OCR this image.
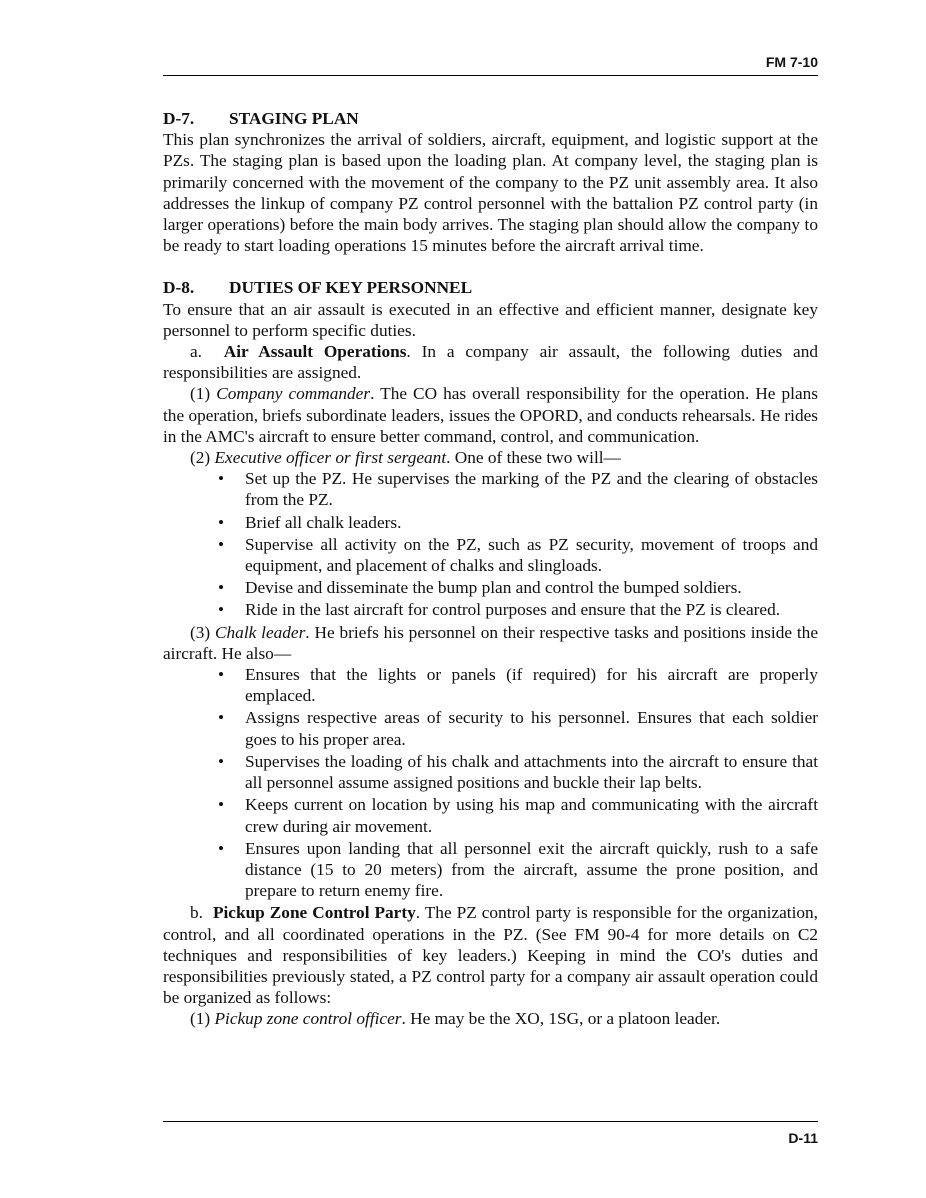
FM 7-10

D-7. STAGING PLAN

This plan synchronizes the arrival of soldiers, aircraft, equipment, and logistic support at the PZs. The staging plan is based upon the loading plan. At company level, the staging plan is primarily concerned with the movement of the company to the PZ unit assembly area. It also addresses the linkup of company PZ control personnel with the battalion PZ control party (in larger operations) before the main body arrives. The staging plan should allow the company to be ready to start loading operations 15 minutes before the aircraft arrival time.

D-8. DUTIES OF KEY PERSONNEL

To ensure that an air assault is executed in an effective and efficient manner, designate key personnel to perform specific duties.

a. Air Assault Operations. In a company air assault, the following duties and responsibilities are assigned.

(1) Company commander. The CO has overall responsibility for the operation. He plans the operation, briefs subordinate leaders, issues the OPORD, and conducts rehearsals. He rides in the AMC's aircraft to ensure better command, control, and communication.

(2) Executive officer or first sergeant. One of these two will—

• Set up the PZ. He supervises the marking of the PZ and the clearing of obstacles from the PZ.
• Brief all chalk leaders.
• Supervise all activity on the PZ, such as PZ security, movement of troops and equipment, and placement of chalks and slingloads.
• Devise and disseminate the bump plan and control the bumped soldiers.
• Ride in the last aircraft for control purposes and ensure that the PZ is cleared.

(3) Chalk leader. He briefs his personnel on their respective tasks and positions inside the aircraft. He also—

• Ensures that the lights or panels (if required) for his aircraft are properly emplaced.
• Assigns respective areas of security to his personnel. Ensures that each soldier goes to his proper area.
• Supervises the loading of his chalk and attachments into the aircraft to ensure that all personnel assume assigned positions and buckle their lap belts.
• Keeps current on location by using his map and communicating with the aircraft crew during air movement.
• Ensures upon landing that all personnel exit the aircraft quickly, rush to a safe distance (15 to 20 meters) from the aircraft, assume the prone position, and prepare to return enemy fire.

b. Pickup Zone Control Party. The PZ control party is responsible for the organization, control, and all coordinated operations in the PZ. (See FM 90-4 for more details on C2 techniques and responsibilities of key leaders.) Keeping in mind the CO's duties and responsibilities previously stated, a PZ control party for a company air assault operation could be organized as follows:

(1) Pickup zone control officer. He may be the XO, 1SG, or a platoon leader.

D-11
